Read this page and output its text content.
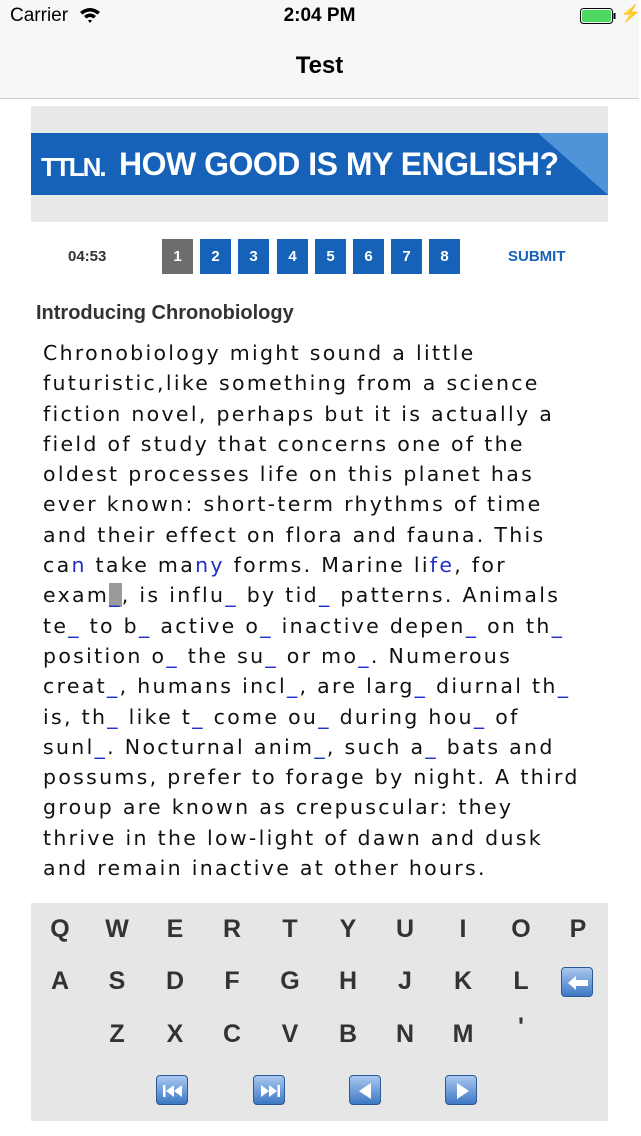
Carrier	2:04 PM	⚡
Test
TTLN. HOW GOOD IS MY ENGLISH?
04:53	1	2	3	4	5	6	7	8	SUBMIT
Introducing Chronobiology
Chronobiology might sound a little
futuristic,like something from a science
fiction novel, perhaps but it is actually a
field of study that concerns one of the
oldest processes life on this planet has
ever known: short-term rhythms of time
and their effect on flora and fauna. This
can take many forms. Marine life, for
exam_, is influ_ by tid_ patterns. Animals
te_ to b_ active o_ inactive depen_ on th_
position o_ the su_ or mo_. Numerous
creat_, humans incl_, are larg_ diurnal th_
is, th_ like t_ come ou_ during hou_ of
sunl_. Nocturnal anim_, such a_ bats and
possums, prefer to forage by night. A third
group are known as crepuscular: they
thrive in the low-light of dawn and dusk
and remain inactive at other hours.
Q	W	E	R	T	Y	U	I	O	P
A	S	D	F	G	H	J	K	L
Z	X	C	V	B	N	M	'
